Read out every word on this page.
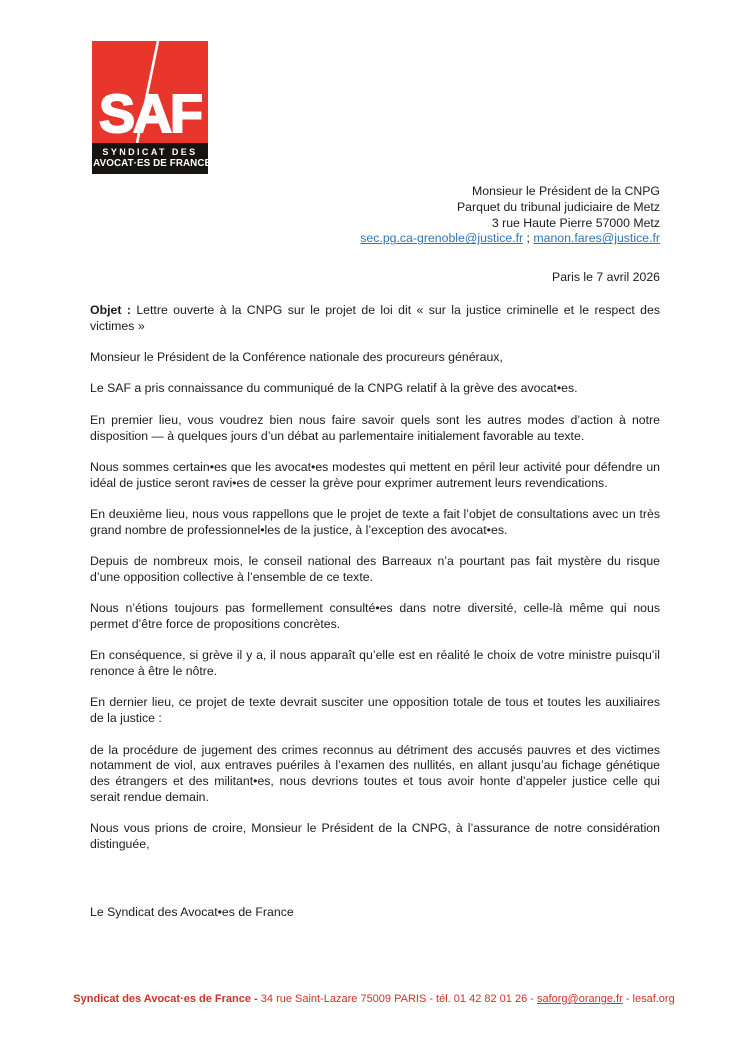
SAF
SYNDICAT DES
AVOCAT·ES DE FRANCE
Monsieur le Président de la CNPG
Parquet du tribunal judiciaire de Metz
3 rue Haute Pierre 57000 Metz
sec.pg.ca-grenoble@justice.fr ; manon.fares@justice.fr
Paris le 7 avril 2026

Objet : Lettre ouverte à la CNPG sur le projet de loi dit « sur la justice criminelle et le respect des victimes »

Monsieur le Président de la Conférence nationale des procureurs généraux,

Le SAF a pris connaissance du communiqué de la CNPG relatif à la grève des avocat•es.

En premier lieu, vous voudrez bien nous faire savoir quels sont les autres modes d’action à notre disposition — à quelques jours d’un débat au parlementaire initialement favorable au texte.

Nous sommes certain•es que les avocat•es modestes qui mettent en péril leur activité pour défendre un idéal de justice seront ravi•es de cesser la grève pour exprimer autrement leurs revendications.

En deuxième lieu, nous vous rappellons que le projet de texte a fait l’objet de consultations avec un très grand nombre de professionnel•les de la justice, à l’exception des avocat•es.

Depuis de nombreux mois, le conseil national des Barreaux n’a pourtant pas fait mystère du risque d’une opposition collective à l’ensemble de ce texte.

Nous n’étions toujours pas formellement consulté•es dans notre diversité, celle-là même qui nous permet d’être force de propositions concrètes.

En conséquence, si grève il y a, il nous apparaît qu’elle est en réalité le choix de votre ministre puisqu’il renonce à être le nôtre.

En dernier lieu, ce projet de texte devrait susciter une opposition totale de tous et toutes les auxiliaires de la justice :

de la procédure de jugement des crimes reconnus au détriment des accusés pauvres et des victimes notamment de viol, aux entraves puériles à l’examen des nullités, en allant jusqu’au fichage génétique des étrangers et des militant•es, nous devrions toutes et tous avoir honte d’appeler justice celle qui serait rendue demain.

Nous vous prions de croire, Monsieur le Président de la CNPG, à l’assurance de notre considération distinguée,

Le Syndicat des Avocat•es de France
Syndicat des Avocat·es de France - 34 rue Saint-Lazare 75009 PARIS - tél. 01 42 82 01 26 - saforg@orange.fr - lesaf.org
